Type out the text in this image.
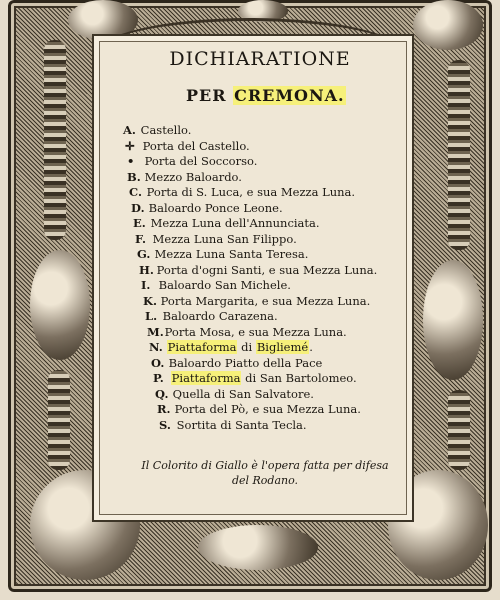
DICHIARATIONE
PER CREMONA.
A. Castello.
✛ Porta del Castello.
• Porta del Soccorso.
B. Mezzo Baloardo.
C. Porta di S. Luca, e sua Mezza Luna.
D. Baloardo Ponce Leone.
E. Mezza Luna dell'Annunciata.
F. Mezza Luna San Filippo.
G. Mezza Luna Santa Teresa.
H. Porta d'ogni Santi, e sua Mezza Luna.
I. Baloardo San Michele.
K. Porta Margarita, e sua Mezza Luna.
L. Baloardo Carazena.
M. Porta Mosa, e sua Mezza Luna.
N. Piattaforma di Bigliemé.
O. Baloardo Piatto della Pace
P. Piattaforma di San Bartolomeo.
Q. Quella di San Salvatore.
R. Porta del Pò, e sua Mezza Luna.
S. Sortita di Santa Tecla.
Il Colorito di Giallo è l'opera fatta per difesa
del Rodano.
